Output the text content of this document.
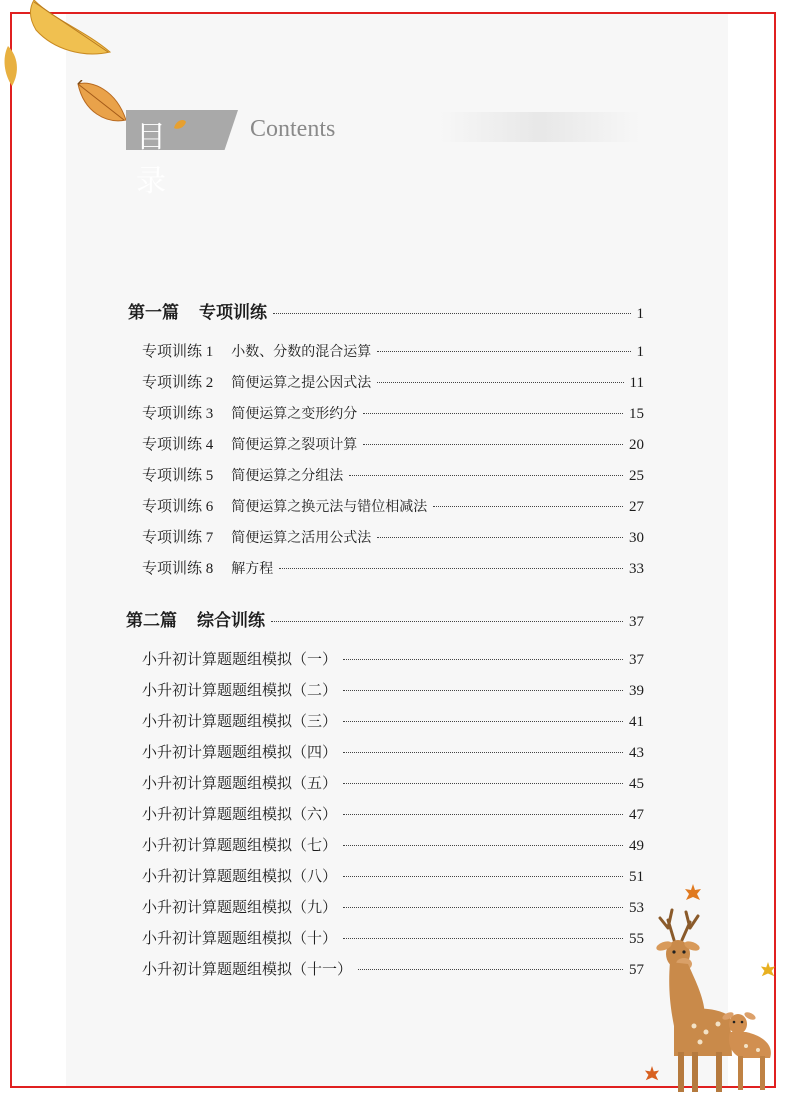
目录
Contents
第一篇 专项训练	1
专项训练 1 小数、分数的混合运算	1
专项训练 2 简便运算之提公因式法	11
专项训练 3 简便运算之变形约分	15
专项训练 4 简便运算之裂项计算	20
专项训练 5 简便运算之分组法	25
专项训练 6 简便运算之换元法与错位相减法	27
专项训练 7 简便运算之活用公式法	30
专项训练 8 解方程	33
第二篇 综合训练	37
小升初计算题题组模拟（一）	37
小升初计算题题组模拟（二）	39
小升初计算题题组模拟（三）	41
小升初计算题题组模拟（四）	43
小升初计算题题组模拟（五）	45
小升初计算题题组模拟（六）	47
小升初计算题题组模拟（七）	49
小升初计算题题组模拟（八）	51
小升初计算题题组模拟（九）	53
小升初计算题题组模拟（十）	55
小升初计算题题组模拟（十一）	57
